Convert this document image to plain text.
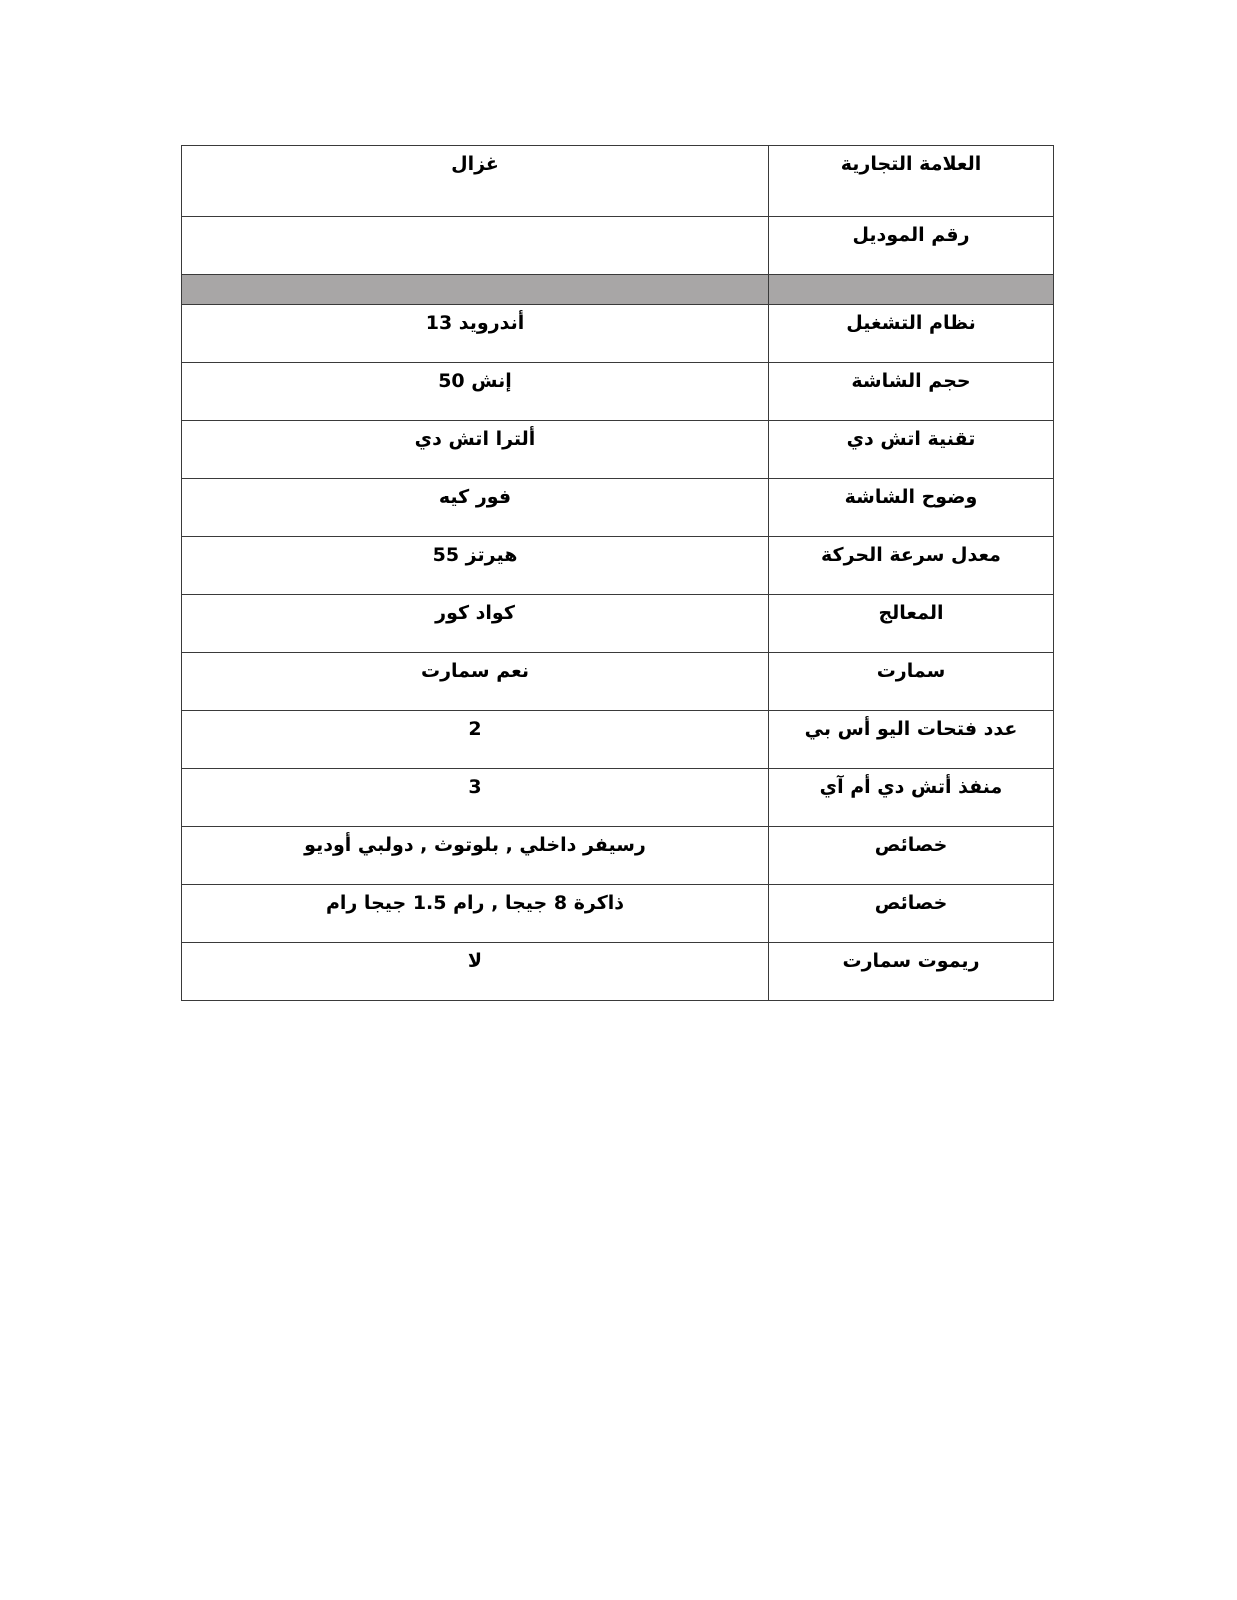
غزال	العلامة التجارية
	رقم الموديل

أندرويد 13	نظام التشغيل
إنش 50	حجم الشاشة
ألترا اتش دي	تقنية اتش دي
فور كيه	وضوح الشاشة
هيرتز 55	معدل سرعة الحركة
كواد كور	المعالج
نعم سمارت	سمارت
2	عدد فتحات اليو أس بي
3	منفذ أتش دي أم آي
رسيفر داخلي , بلوتوث , دولبي أوديو	خصائص
ذاكرة 8 جيجا , رام 1.5 جيجا رام	خصائص
لا	ريموت سمارت
